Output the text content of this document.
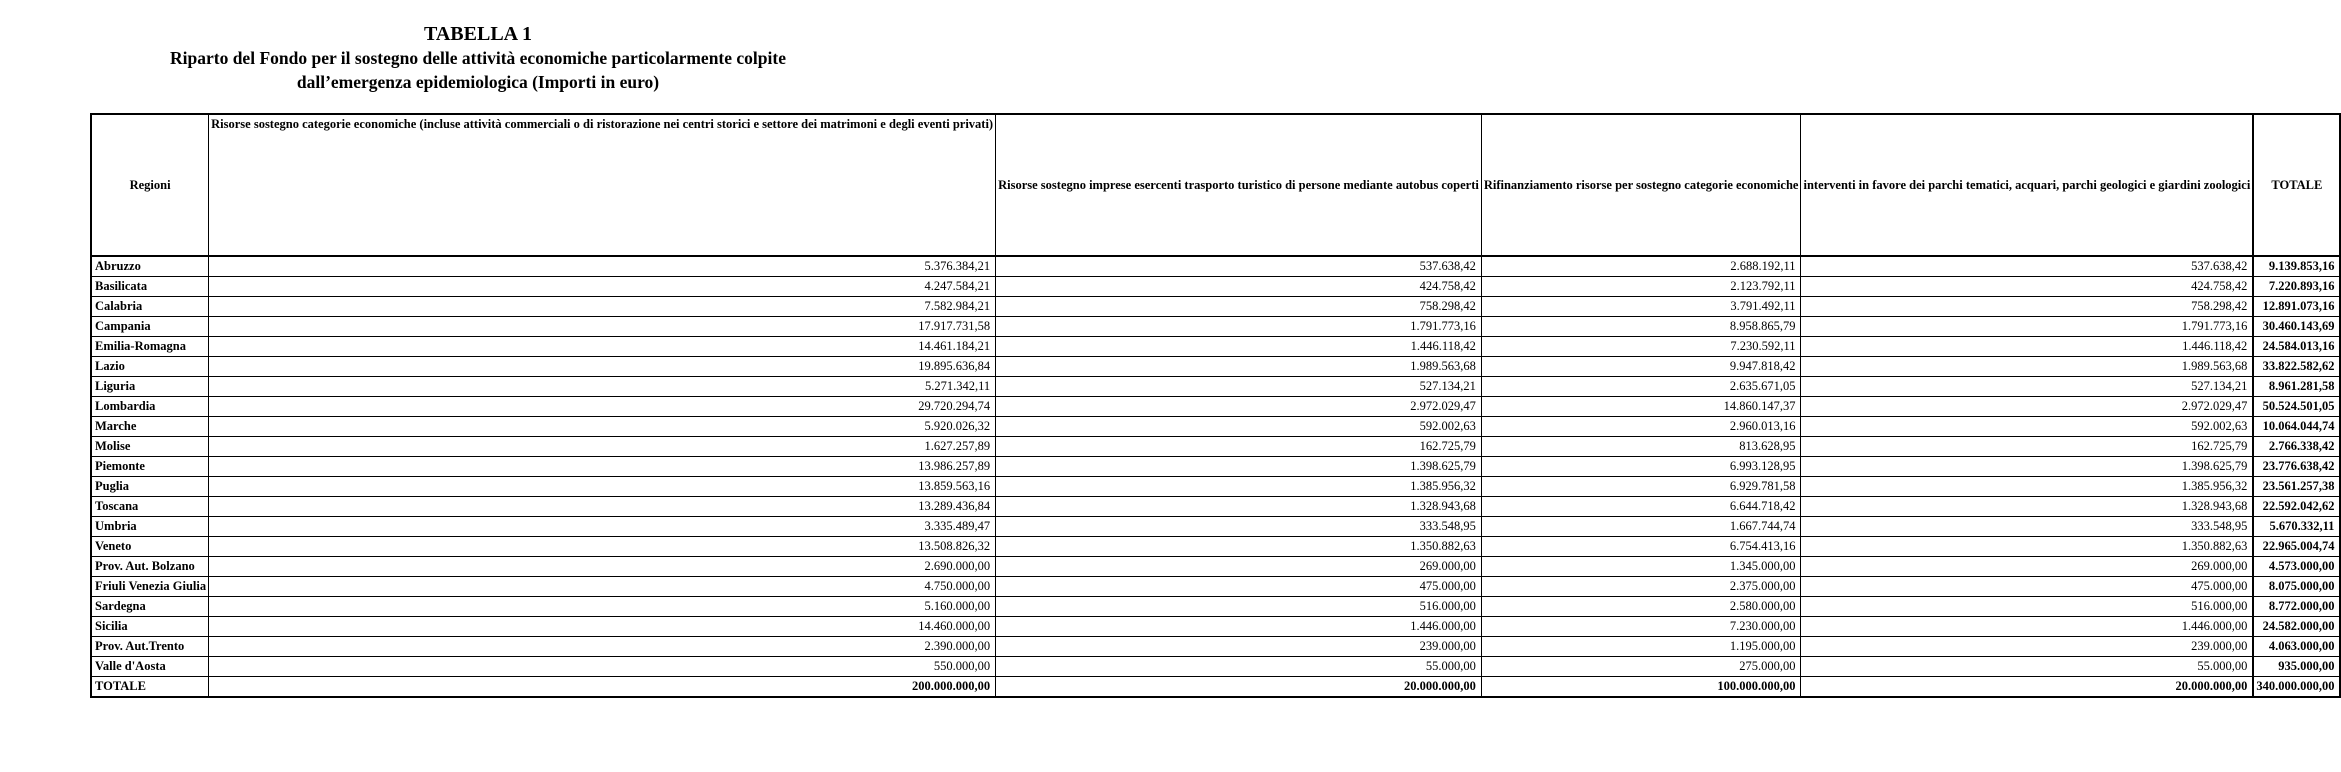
TABELLA 1
Riparto del Fondo per il sostegno delle attività economiche particolarmente colpite
dall’emergenza epidemiologica (Importi in euro)
Regioni	Risorse sostegno categorie economiche (incluse attività commerciali o di ristorazione nei centri storici e settore dei matrimoni e degli eventi privati)	Risorse sostegno imprese esercenti trasporto turistico di persone mediante autobus coperti	Rifinanziamento risorse per sostegno categorie economiche	interventi in favore dei parchi tematici, acquari, parchi geologici e giardini zoologici	TOTALE

Abruzzo	5.376.384,21	537.638,42	2.688.192,11	537.638,42	9.139.853,16
Basilicata	4.247.584,21	424.758,42	2.123.792,11	424.758,42	7.220.893,16
Calabria	7.582.984,21	758.298,42	3.791.492,11	758.298,42	12.891.073,16
Campania	17.917.731,58	1.791.773,16	8.958.865,79	1.791.773,16	30.460.143,69
Emilia-Romagna	14.461.184,21	1.446.118,42	7.230.592,11	1.446.118,42	24.584.013,16
Lazio	19.895.636,84	1.989.563,68	9.947.818,42	1.989.563,68	33.822.582,62
Liguria	5.271.342,11	527.134,21	2.635.671,05	527.134,21	8.961.281,58
Lombardia	29.720.294,74	2.972.029,47	14.860.147,37	2.972.029,47	50.524.501,05
Marche	5.920.026,32	592.002,63	2.960.013,16	592.002,63	10.064.044,74
Molise	1.627.257,89	162.725,79	813.628,95	162.725,79	2.766.338,42
Piemonte	13.986.257,89	1.398.625,79	6.993.128,95	1.398.625,79	23.776.638,42
Puglia	13.859.563,16	1.385.956,32	6.929.781,58	1.385.956,32	23.561.257,38
Toscana	13.289.436,84	1.328.943,68	6.644.718,42	1.328.943,68	22.592.042,62
Umbria	3.335.489,47	333.548,95	1.667.744,74	333.548,95	5.670.332,11
Veneto	13.508.826,32	1.350.882,63	6.754.413,16	1.350.882,63	22.965.004,74
Prov. Aut. Bolzano	2.690.000,00	269.000,00	1.345.000,00	269.000,00	4.573.000,00
Friuli Venezia Giulia	4.750.000,00	475.000,00	2.375.000,00	475.000,00	8.075.000,00
Sardegna	5.160.000,00	516.000,00	2.580.000,00	516.000,00	8.772.000,00
Sicilia	14.460.000,00	1.446.000,00	7.230.000,00	1.446.000,00	24.582.000,00
Prov. Aut.Trento	2.390.000,00	239.000,00	1.195.000,00	239.000,00	4.063.000,00
Valle d'Aosta	550.000,00	55.000,00	275.000,00	55.000,00	935.000,00
TOTALE	200.000.000,00	20.000.000,00	100.000.000,00	20.000.000,00	340.000.000,00
